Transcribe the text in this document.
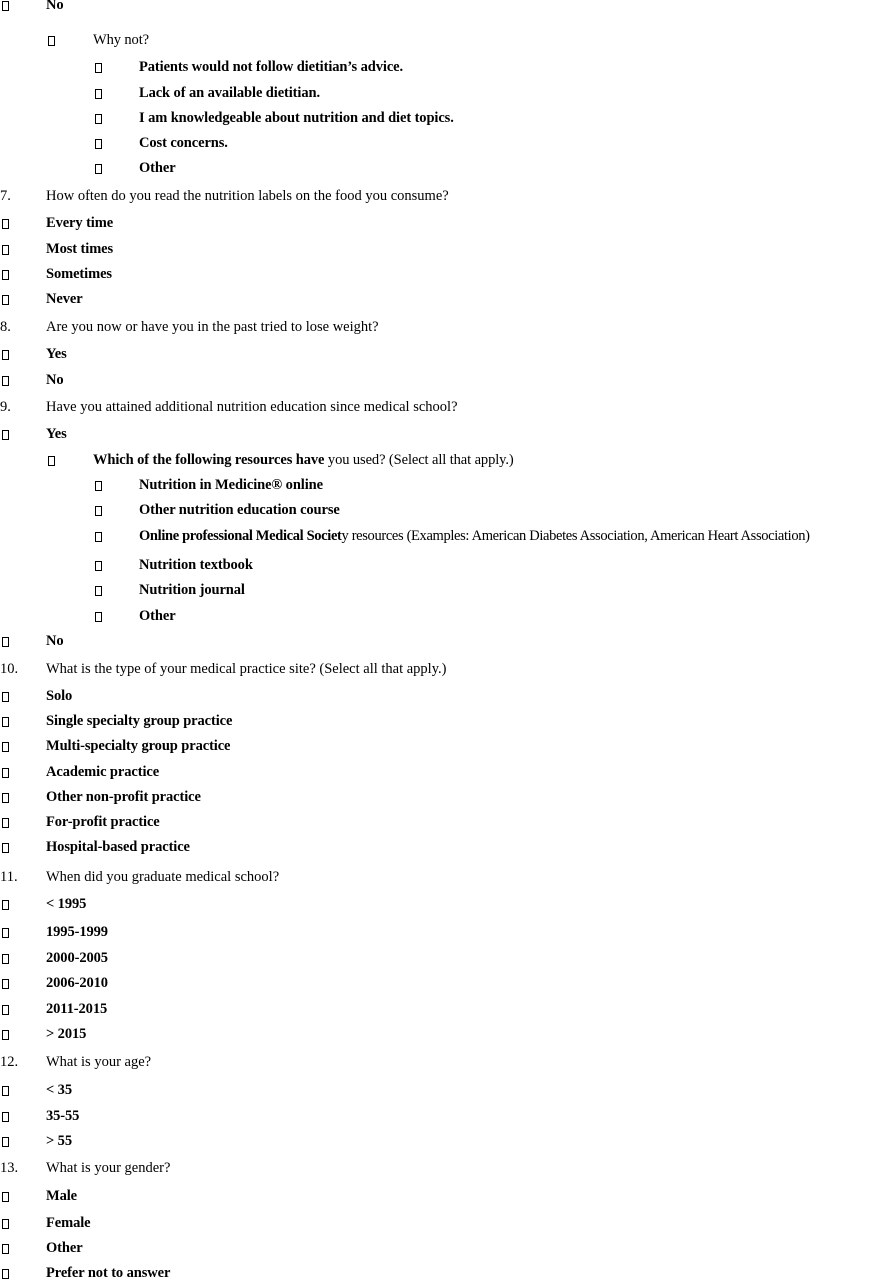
No
Why not?
Patients would not follow dietitian’s advice.
Lack of an available dietitian.
I am knowledgeable about nutrition and diet topics.
Cost concerns.
Other
7. How often do you read the nutrition labels on the food you consume?
Every time
Most times
Sometimes
Never
8. Are you now or have you in the past tried to lose weight?
Yes
No
9. Have you attained additional nutrition education since medical school?
Yes
Which of the following resources have you used? (Select all that apply.)
Nutrition in Medicine® online
Other nutrition education course
Online professional Medical Society resources (Examples: American Diabetes Association, American Heart Association)
Nutrition textbook
Nutrition journal
Other
No
10. What is the type of your medical practice site? (Select all that apply.)
Solo
Single specialty group practice
Multi-specialty group practice
Academic practice
Other non-profit practice
For-profit practice
Hospital-based practice
11. When did you graduate medical school?
< 1995
1995-1999
2000-2005
2006-2010
2011-2015
> 2015
12. What is your age?
< 35
35-55
> 55
13. What is your gender?
Male
Female
Other
Prefer not to answer
